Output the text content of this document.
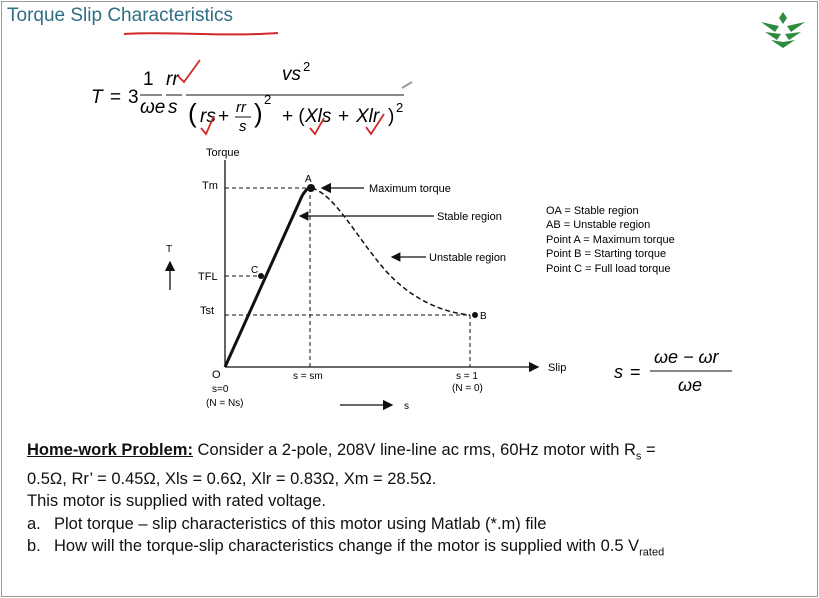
Torque Slip Characteristics
T = 3
1
ωe
rr
s
vs 2
( rs + rr
s ) 2
+ ( Xls + Xlr ) 2
Torque
Slip
A
C
B
Tm
TFL
Tst
O
s=0
(N = Ns)
s = sm	s = 1
(N = 0)
Maximum torque
Stable region
Unstable region
T
s
OA = Stable region
AB = Unstable region
Point A = Maximum torque
Point B = Starting torque
Point C = Full load torque
s =
ωe − ωr
ωe
Home-work Problem: Consider a 2-pole, 208V line-line ac rms, 60Hz motor with $R_s$ =
0.5Ω, Rr’ = 0.45Ω, Xls = 0.6Ω, Xlr = 0.83Ω, Xm = 28.5Ω.
This motor is supplied with rated voltage.
a. Plot torque – slip characteristics of this motor using Matlab (*.m) file
b. How will the torque-slip characteristics change if the motor is supplied with 0.5 $V_{rated}$
